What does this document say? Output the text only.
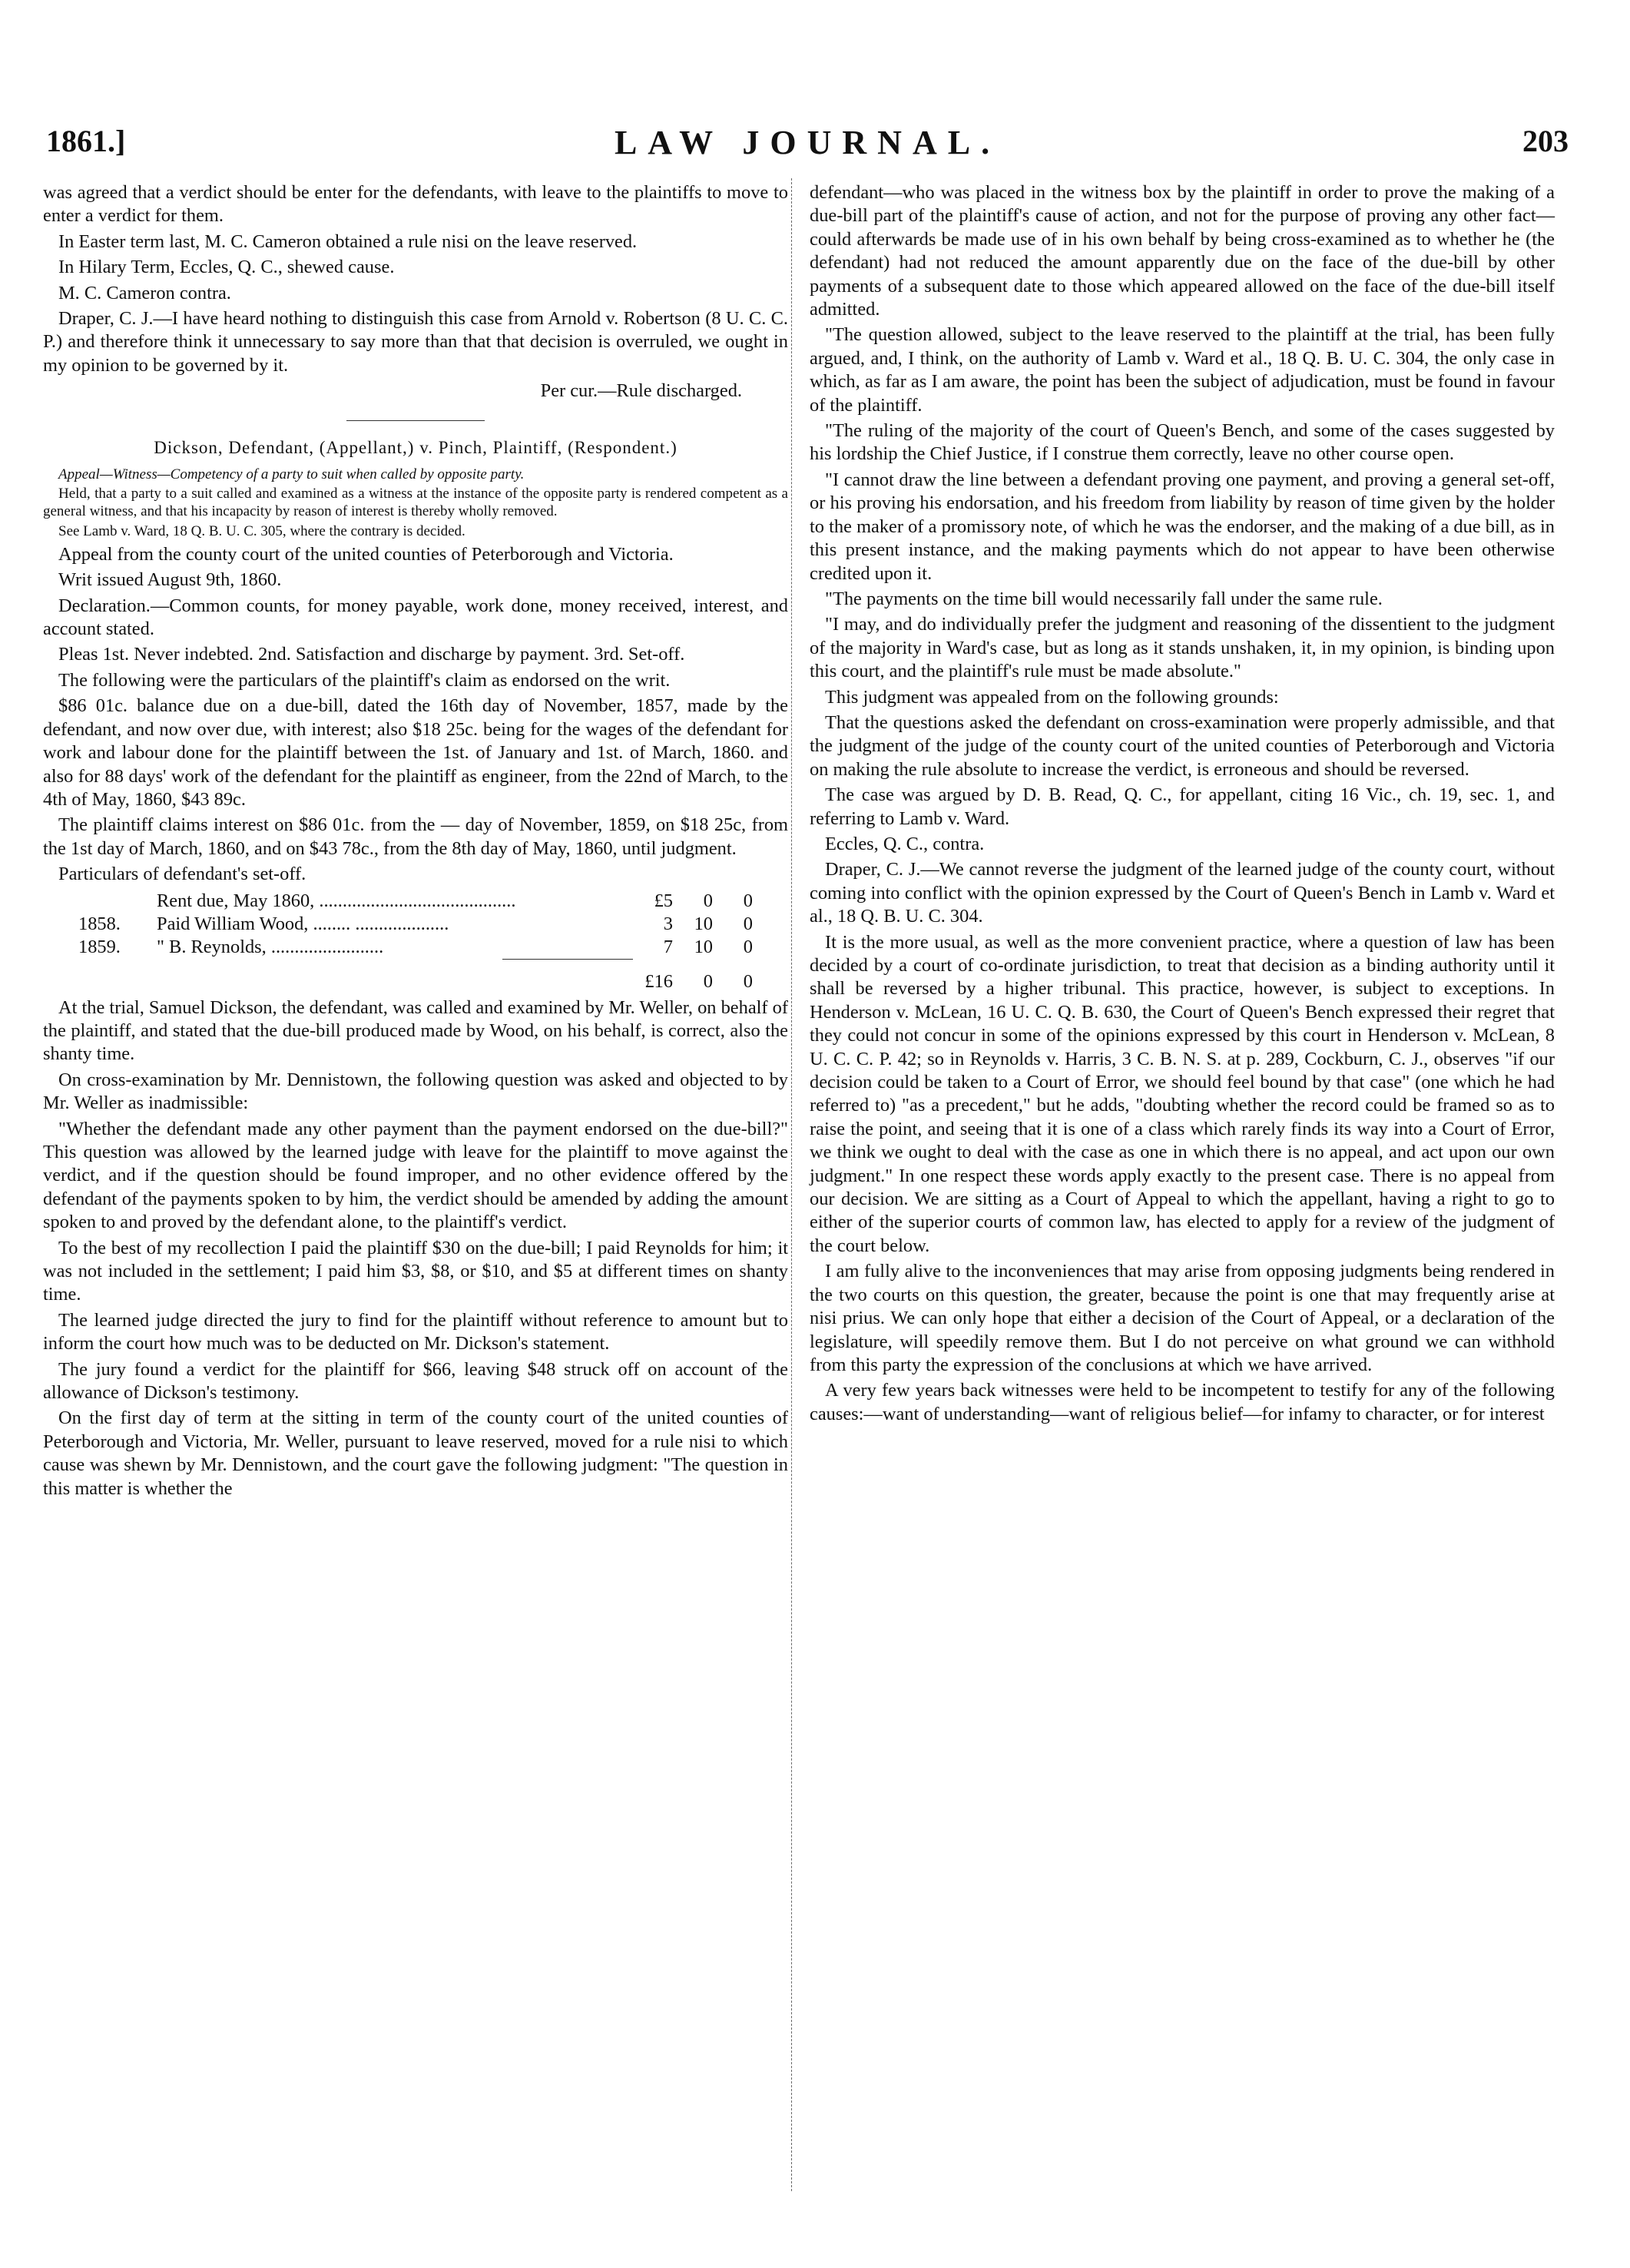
1861.]	LAW JOURNAL.	203

was agreed that a verdict should be enter for the defendants, with leave to the plaintiffs to move to enter a verdict for them.

In Easter term last, M. C. Cameron obtained a rule nisi on the leave reserved.

In Hilary Term, Eccles, Q. C., shewed cause.

M. C. Cameron contra.

Draper, C. J.—I have heard nothing to distinguish this case from Arnold v. Robertson (8 U. C. C. P.) and therefore think it unnecessary to say more than that that decision is overruled, we ought in my opinion to be governed by it.

Per cur.—Rule discharged.

Dickson, Defendant, (Appellant,) v. Pinch, Plaintiff, (Respondent.)

Appeal—Witness—Competency of a party to suit when called by opposite party.

Held, that a party to a suit called and examined as a witness at the instance of the opposite party is rendered competent as a general witness, and that his incapacity by reason of interest is thereby wholly removed.

See Lamb v. Ward, 18 Q. B. U. C. 305, where the contrary is decided.

Appeal from the county court of the united counties of Peterborough and Victoria.

Writ issued August 9th, 1860.

Declaration.—Common counts, for money payable, work done, money received, interest, and account stated.

Pleas 1st. Never indebted. 2nd. Satisfaction and discharge by payment. 3rd. Set-off.

The following were the particulars of the plaintiff's claim as endorsed on the writ.

$86 01c. balance due on a due-bill, dated the 16th day of November, 1857, made by the defendant, and now over due, with interest; also $18 25c. being for the wages of the defendant for work and labour done for the plaintiff between the 1st. of January and 1st. of March, 1860. and also for 88 days' work of the defendant for the plaintiff as engineer, from the 22nd of March, to the 4th of May, 1860, $43 89c.

The plaintiff claims interest on $86 01c. from the — day of November, 1859, on $18 25c, from the 1st day of March, 1860, and on $43 78c., from the 8th day of May, 1860, until judgment.

Particulars of defendant's set-off.

	Rent due, May 1860, ..........................................	£5	0	0
1858.	Paid William Wood, ........ ....................	3	10	0
1859.	" B. Reynolds, ........................	7	10	0

		£16	0	0

At the trial, Samuel Dickson, the defendant, was called and examined by Mr. Weller, on behalf of the plaintiff, and stated that the due-bill produced made by Wood, on his behalf, is correct, also the shanty time.

On cross-examination by Mr. Dennistown, the following question was asked and objected to by Mr. Weller as inadmissible:

"Whether the defendant made any other payment than the payment endorsed on the due-bill?" This question was allowed by the learned judge with leave for the plaintiff to move against the verdict, and if the question should be found improper, and no other evidence offered by the defendant of the payments spoken to by him, the verdict should be amended by adding the amount spoken to and proved by the defendant alone, to the plaintiff's verdict.

To the best of my recollection I paid the plaintiff $30 on the due-bill; I paid Reynolds for him; it was not included in the settlement; I paid him $3, $8, or $10, and $5 at different times on shanty time.

The learned judge directed the jury to find for the plaintiff without reference to amount but to inform the court how much was to be deducted on Mr. Dickson's statement.

The jury found a verdict for the plaintiff for $66, leaving $48 struck off on account of the allowance of Dickson's testimony.

On the first day of term at the sitting in term of the county court of the united counties of Peterborough and Victoria, Mr. Weller, pursuant to leave reserved, moved for a rule nisi to which cause was shewn by Mr. Dennistown, and the court gave the following judgment: "The question in this matter is whether the

defendant—who was placed in the witness box by the plaintiff in order to prove the making of a due-bill part of the plaintiff's cause of action, and not for the purpose of proving any other fact—could afterwards be made use of in his own behalf by being cross-examined as to whether he (the defendant) had not reduced the amount apparently due on the face of the due-bill by other payments of a subsequent date to those which appeared allowed on the face of the due-bill itself admitted.

"The question allowed, subject to the leave reserved to the plaintiff at the trial, has been fully argued, and, I think, on the authority of Lamb v. Ward et al., 18 Q. B. U. C. 304, the only case in which, as far as I am aware, the point has been the subject of adjudication, must be found in favour of the plaintiff.

"The ruling of the majority of the court of Queen's Bench, and some of the cases suggested by his lordship the Chief Justice, if I construe them correctly, leave no other course open.

"I cannot draw the line between a defendant proving one payment, and proving a general set-off, or his proving his endorsation, and his freedom from liability by reason of time given by the holder to the maker of a promissory note, of which he was the endorser, and the making of a due bill, as in this present instance, and the making payments which do not appear to have been otherwise credited upon it.

"The payments on the time bill would necessarily fall under the same rule.

"I may, and do individually prefer the judgment and reasoning of the dissentient to the judgment of the majority in Ward's case, but as long as it stands unshaken, it, in my opinion, is binding upon this court, and the plaintiff's rule must be made absolute."

This judgment was appealed from on the following grounds:

That the questions asked the defendant on cross-examination were properly admissible, and that the judgment of the judge of the county court of the united counties of Peterborough and Victoria on making the rule absolute to increase the verdict, is erroneous and should be reversed.

The case was argued by D. B. Read, Q. C., for appellant, citing 16 Vic., ch. 19, sec. 1, and referring to Lamb v. Ward.

Eccles, Q. C., contra.

Draper, C. J.—We cannot reverse the judgment of the learned judge of the county court, without coming into conflict with the opinion expressed by the Court of Queen's Bench in Lamb v. Ward et al., 18 Q. B. U. C. 304.

It is the more usual, as well as the more convenient practice, where a question of law has been decided by a court of co-ordinate jurisdiction, to treat that decision as a binding authority until it shall be reversed by a higher tribunal. This practice, however, is subject to exceptions. In Henderson v. McLean, 16 U. C. Q. B. 630, the Court of Queen's Bench expressed their regret that they could not concur in some of the opinions expressed by this court in Henderson v. McLean, 8 U. C. C. P. 42; so in Reynolds v. Harris, 3 C. B. N. S. at p. 289, Cockburn, C. J., observes "if our decision could be taken to a Court of Error, we should feel bound by that case" (one which he had referred to) "as a precedent," but he adds, "doubting whether the record could be framed so as to raise the point, and seeing that it is one of a class which rarely finds its way into a Court of Error, we think we ought to deal with the case as one in which there is no appeal, and act upon our own judgment." In one respect these words apply exactly to the present case. There is no appeal from our decision. We are sitting as a Court of Appeal to which the appellant, having a right to go to either of the superior courts of common law, has elected to apply for a review of the judgment of the court below.

I am fully alive to the inconveniences that may arise from opposing judgments being rendered in the two courts on this question, the greater, because the point is one that may frequently arise at nisi prius. We can only hope that either a decision of the Court of Appeal, or a declaration of the legislature, will speedily remove them. But I do not perceive on what ground we can withhold from this party the expression of the conclusions at which we have arrived.

A very few years back witnesses were held to be incompetent to testify for any of the following causes:—want of understanding—want of religious belief—for infamy to character, or for interest
